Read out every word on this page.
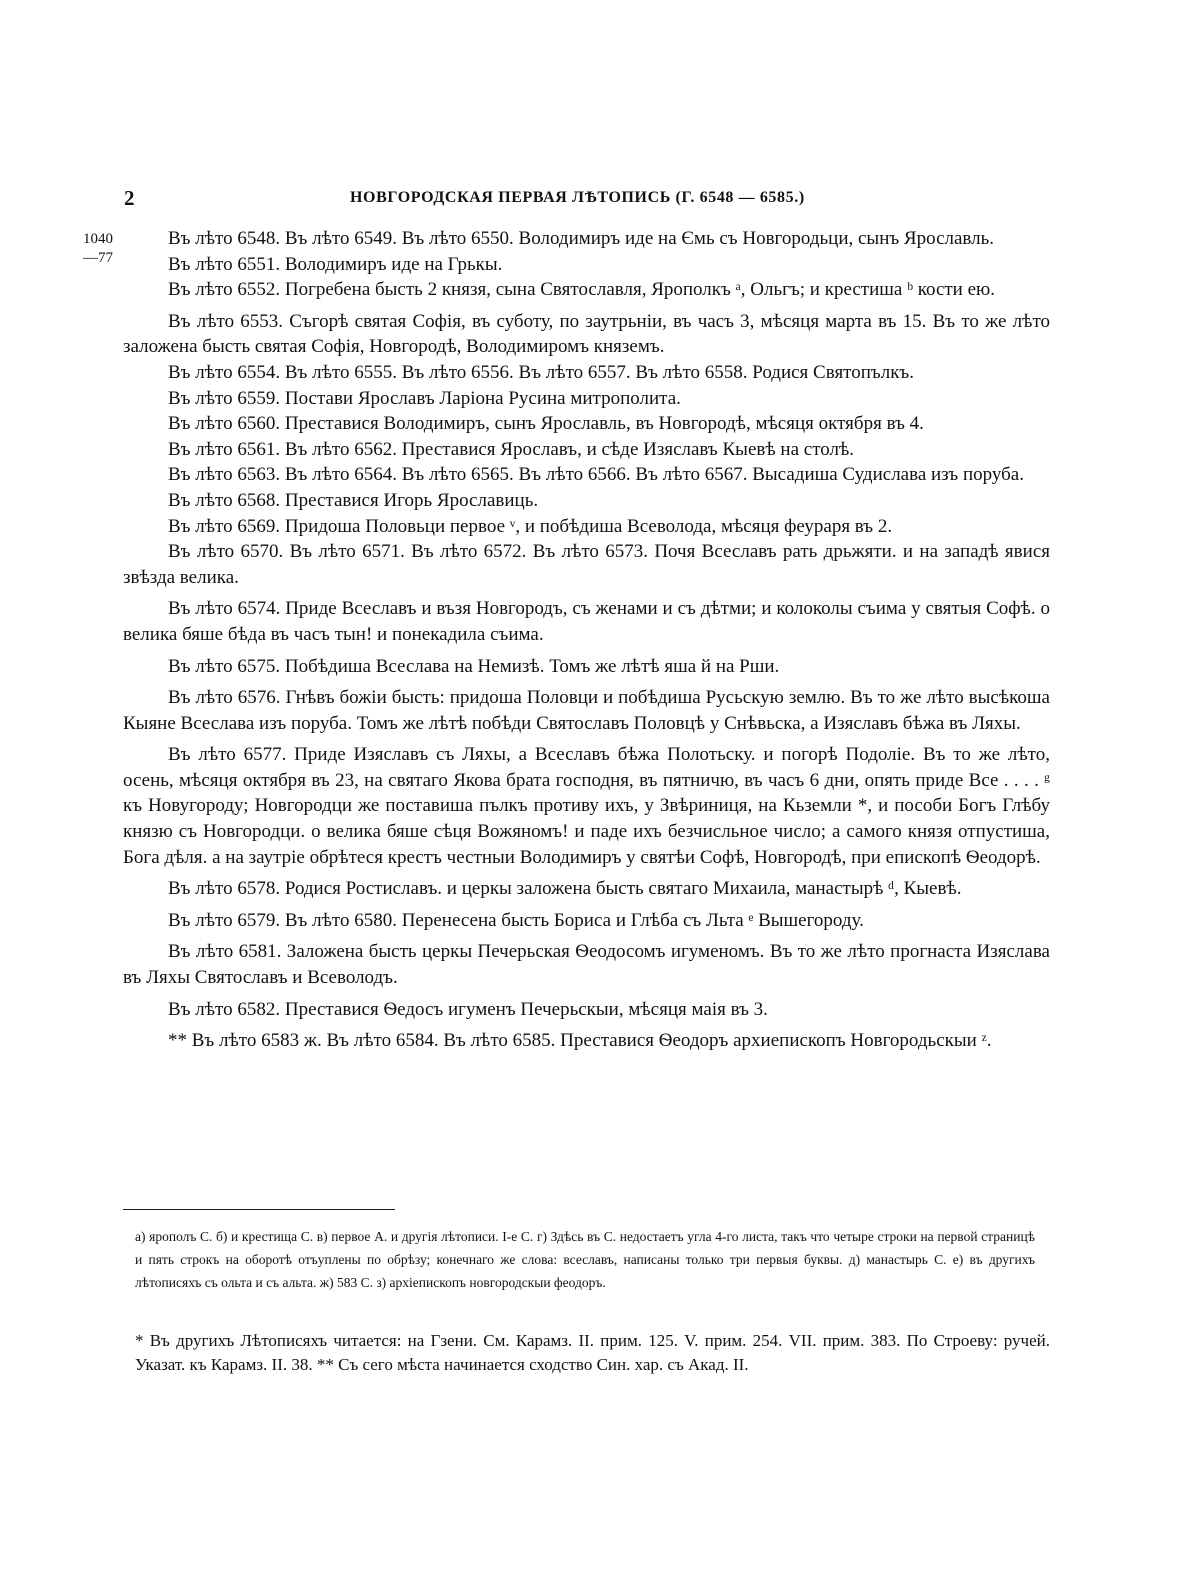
2	НОВГОРОДСКАЯ ПЕРВАЯ ЛѢТОПИСЬ (Г. 6548 — 6585.)
1040
—77

Въ лѣто 6548. Въ лѣто 6549. Въ лѣто 6550. Володимиръ иде на Ємь съ Новгородьци, сынъ Ярославль.

Въ лѣто 6551. Володимиръ иде на Грькы.

Въ лѣто 6552. Погребена бысть 2 князя, сына Святославля, Ярополкъ ᵃ, Ольгъ; и крестиша ᵇ кости ею.

Въ лѣто 6553. Съгорѣ святая Софія, въ суботу, по заутрьніи, въ часъ 3, мѣсяця марта въ 15. Въ то же лѣто заложена бысть святая Софія, Новгородѣ, Володимиромъ княземъ.

Въ лѣто 6554. Въ лѣто 6555. Въ лѣто 6556. Въ лѣто 6557. Въ лѣто 6558. Родися Святопълкъ.

Въ лѣто 6559. Постави Ярославъ Ларіона Русина митрополита.

Въ лѣто 6560. Преставися Володимиръ, сынъ Ярославль, въ Новгородѣ, мѣсяця октября въ 4.

Въ лѣто 6561. Въ лѣто 6562. Преставися Ярославъ, и сѣде Изяславъ Кыевѣ на столѣ.

Въ лѣто 6563. Въ лѣто 6564. Въ лѣто 6565. Въ лѣто 6566. Въ лѣто 6567. Высадиша Судислава изъ поруба.

Въ лѣто 6568. Преставися Игорь Ярославиць.

Въ лѣто 6569. Придоша Половьци первое ᵛ, и побѣдиша Всеволода, мѣсяця феураря въ 2.

Въ лѣто 6570. Въ лѣто 6571. Въ лѣто 6572. Въ лѣто 6573. Почя Всеславъ рать дрьжяти. и на западѣ явися звѣзда велика.

Въ лѣто 6574. Приде Всеславъ и възя Новгородъ, съ женами и съ дѣтми; и колоколы съима у святыя Софѣ. о велика бяше бѣда въ часъ тын! и понекадила съима.

Въ лѣто 6575. Побѣдиша Всеслава на Немизѣ. Томъ же лѣтѣ яша й на Рши.

Въ лѣто 6576. Гнѣвъ божіи бысть: придоша Половци и побѣдиша Русьскую землю. Въ то же лѣто высѣкоша Кыяне Всеслава изъ поруба. Томъ же лѣтѣ побѣди Святославъ Половцѣ у Снѣвьска, а Изяславъ бѣжа въ Ляхы.

Въ лѣто 6577. Приде Изяславъ съ Ляхы, а Всеславъ бѣжа Полотьску. и погорѣ Подоліе. Въ то же лѣто, осень, мѣсяця октября въ 23, на святаго Якова брата господня, въ пятничю, въ часъ 6 дни, опять приде Все . . . . ᵍ къ Новугороду; Новгородци же поставиша пълкъ противу ихъ, у Звѣриниця, на Кьземли *, и пособи Богъ Глѣбу князю съ Новгородци. о велика бяше сѣця Вожяномъ! и паде ихъ безчисльное число; а самого князя отпустиша, Бога дѣля. а на заутріе обрѣтеся крестъ честныи Володимиръ у святѣи Софѣ, Новгородѣ, при епископѣ Ѳеодорѣ.

Въ лѣто 6578. Родися Ростиславъ. и церкы заложена бысть святаго Михаила, манастырѣ ᵈ, Кыевѣ.

Въ лѣто 6579. Въ лѣто 6580. Перенесена бысть Бориса и Глѣба съ Льта ᵉ Вышегороду.

Въ лѣто 6581. Заложена бысть церкы Печерьская Ѳеодосомъ игуменомъ. Въ то же лѣто прогнаста Изяслава въ Ляхы Святославъ и Всеволодъ.

Въ лѣто 6582. Преставися Ѳедосъ игуменъ Печерьскыи, мѣсяця маія въ 3.

** Въ лѣто 6583 ж. Въ лѣто 6584. Въ лѣто 6585. Преставися Ѳеодоръ архиепископъ Новгородьскыи ᶻ.

а) ярополъ С. б) и крестища С. в) первое А. и другія лѣтописи. I-е С. г) Здѣсь въ С. недостаетъ угла 4-го листа, такъ что четыре строки на первой страницѣ и пять строкъ на оборотѣ отъуплены по обрѣзу; конечнаго же слова: всеславъ, написаны только три первыя буквы. д) манастырь С. е) въ другихъ лѣтописяхъ съ ольта и съ альта. ж) 583 С. з) архіепископъ новгородскыи феодоръ.

* Въ другихъ Лѣтописяхъ читается: на Гзени. См. Карамз. II. прим. 125. V. прим. 254. VII. прим. 383. По Строеву: ручей. Указат. къ Карамз. II. 38. ** Съ сего мѣста начинается сходство Син. хар. съ Акад. II.
